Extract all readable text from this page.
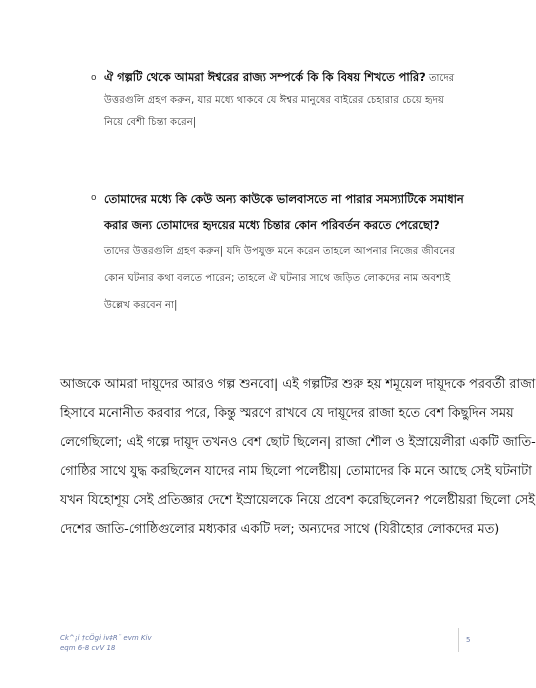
o ঐ গল্পটি থেকে আমরা ঈশ্বরের রাজ্য সম্পর্কে কি কি বিষয় শিখতে পারি? তাদের
উত্তরগুলি গ্রহণ করুন, যার মধ্যে থাকবে যে ঈশ্বর মানুষের বাইরের চেহারার চেয়ে হৃদয়
নিয়ে বেশী চিন্তা করেন|
o তোমাদের মধ্যে কি কেউ অন্য কাউকে ভালবাসতে না পারার সমস্যাটিকে সমাধান
করার জন্য তোমাদের হৃদয়ের মধ্যে চিন্তার কোন পরিবর্তন করতে পেরেছো?
তাদের উত্তরগুলি গ্রহণ করুন| যদি উপযুক্ত মনে করেন তাহলে আপনার নিজের জীবনের
কোন ঘটনার কথা বলতে পারেন; তাহলে ঐ ঘটনার সাথে জড়িত লোকদের নাম অবশ্যই
উল্লেখ করবেন না|
আজকে আমরা দায়ূদের আরও গল্প শুনবো| এই গল্পটির শুরু হয় শমূয়েল দায়ূদকে পরবর্তী রাজা
হিসাবে মনোনীত করবার পরে, কিন্তু স্মরণে রাখবে যে দায়ূদের রাজা হতে বেশ কিছুদিন সময়
লেগেছিলো; এই গল্পে দায়ূদ তখনও বেশ ছোট ছিলেন| রাজা শৌল ও ইস্রায়েলীরা একটি জাতি-
গোষ্ঠির সাথে যুদ্ধ করছিলেন যাদের নাম ছিলো পলেষ্টীয়| তোমাদের কি মনে আছে সেই ঘটনাটা
যখন যিহোশূয় সেই প্রতিজ্ঞার দেশে ইস্রায়েলকে নিয়ে প্রবেশ করেছিলেন? পলেষ্টীয়রা ছিলো সেই
দেশের জাতি-গোষ্ঠিগুলোর মধ্যকার একটি দল; অন্যদের সাথে (যিরীহোর লোকদের মত)
Ck^¡i †cÖgi iv‡R¨ evm Kiv
eqm 6-8 cvV 18
5
